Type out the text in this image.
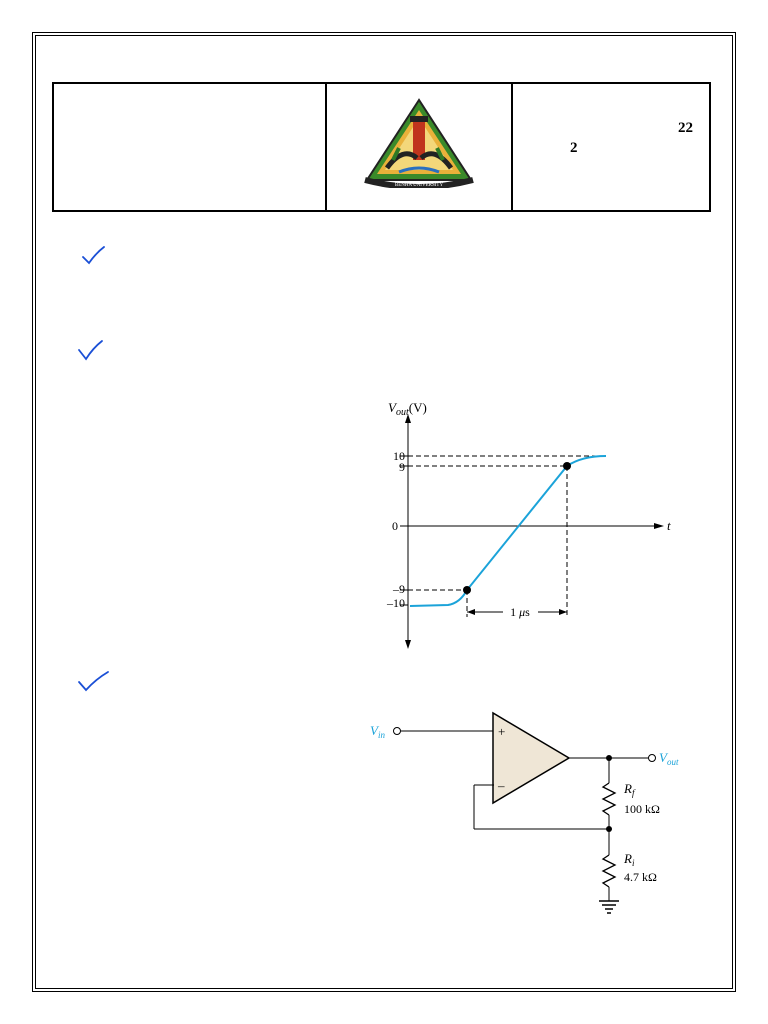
BENHA UNIVERSITY
2
22
$V_{out}(V)$
t
10
9
0
–9
–10
1 μs
$V_{in}$	+
–
$V_{out}$
$R_f$
100 kΩ
$R_i$
4.7 kΩ
